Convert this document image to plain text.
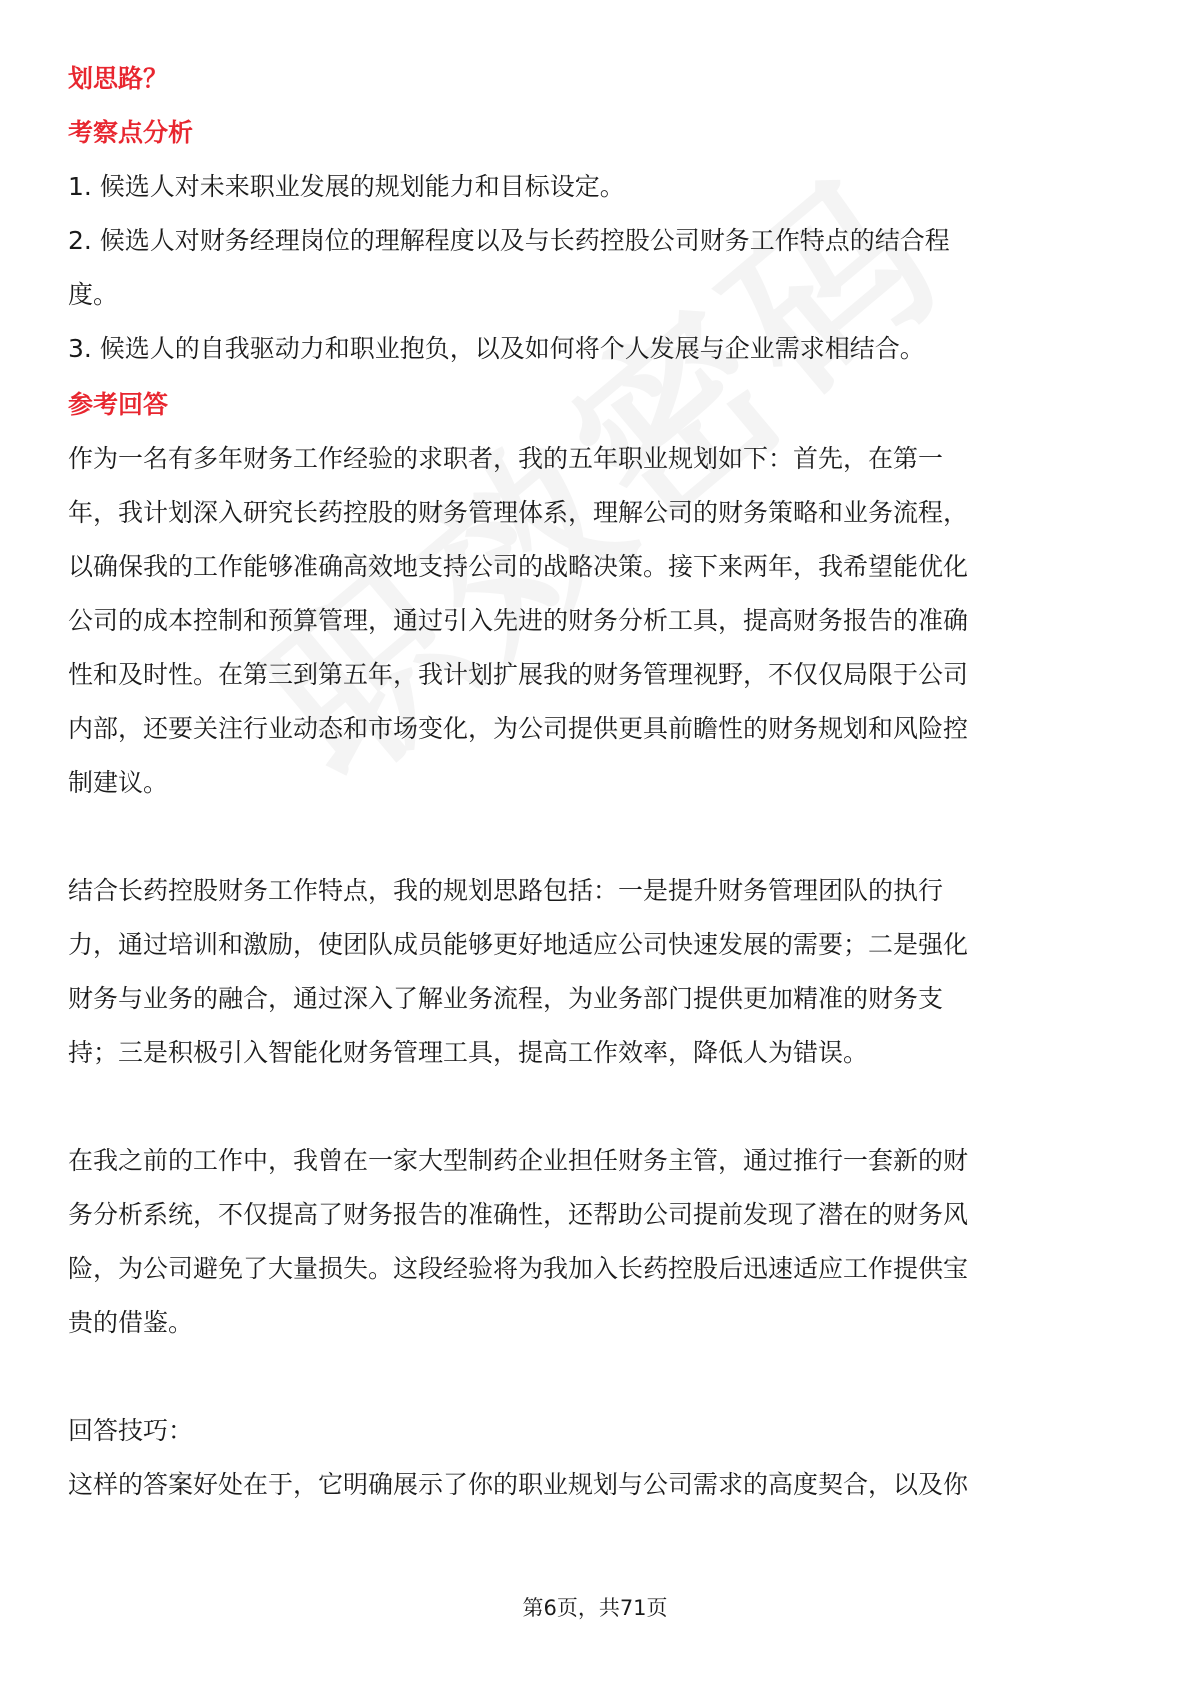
划思路？

考察点分析

1. 候选人对未来职业发展的规划能力和目标设定。

2. 候选人对财务经理岗位的理解程度以及与长药控股公司财务工作特点的结合程

度。

3. 候选人的自我驱动力和职业抱负，以及如何将个人发展与企业需求相结合。

参考回答

作为一名有多年财务工作经验的求职者，我的五年职业规划如下：首先，在第一

年，我计划深入研究长药控股的财务管理体系，理解公司的财务策略和业务流程，

以确保我的工作能够准确高效地支持公司的战略决策。接下来两年，我希望能优化

公司的成本控制和预算管理，通过引入先进的财务分析工具，提高财务报告的准确

性和及时性。在第三到第五年，我计划扩展我的财务管理视野，不仅仅局限于公司

内部，还要关注行业动态和市场变化，为公司提供更具前瞻性的财务规划和风险控

制建议。

结合长药控股财务工作特点，我的规划思路包括：一是提升财务管理团队的执行

力，通过培训和激励，使团队成员能够更好地适应公司快速发展的需要；二是强化

财务与业务的融合，通过深入了解业务流程，为业务部门提供更加精准的财务支

持；三是积极引入智能化财务管理工具，提高工作效率，降低人为错误。

在我之前的工作中，我曾在一家大型制药企业担任财务主管，通过推行一套新的财

务分析系统，不仅提高了财务报告的准确性，还帮助公司提前发现了潜在的财务风

险，为公司避免了大量损失。这段经验将为我加入长药控股后迅速适应工作提供宝

贵的借鉴。

回答技巧：

这样的答案好处在于，它明确展示了你的职业规划与公司需求的高度契合，以及你

第6页，共71页
